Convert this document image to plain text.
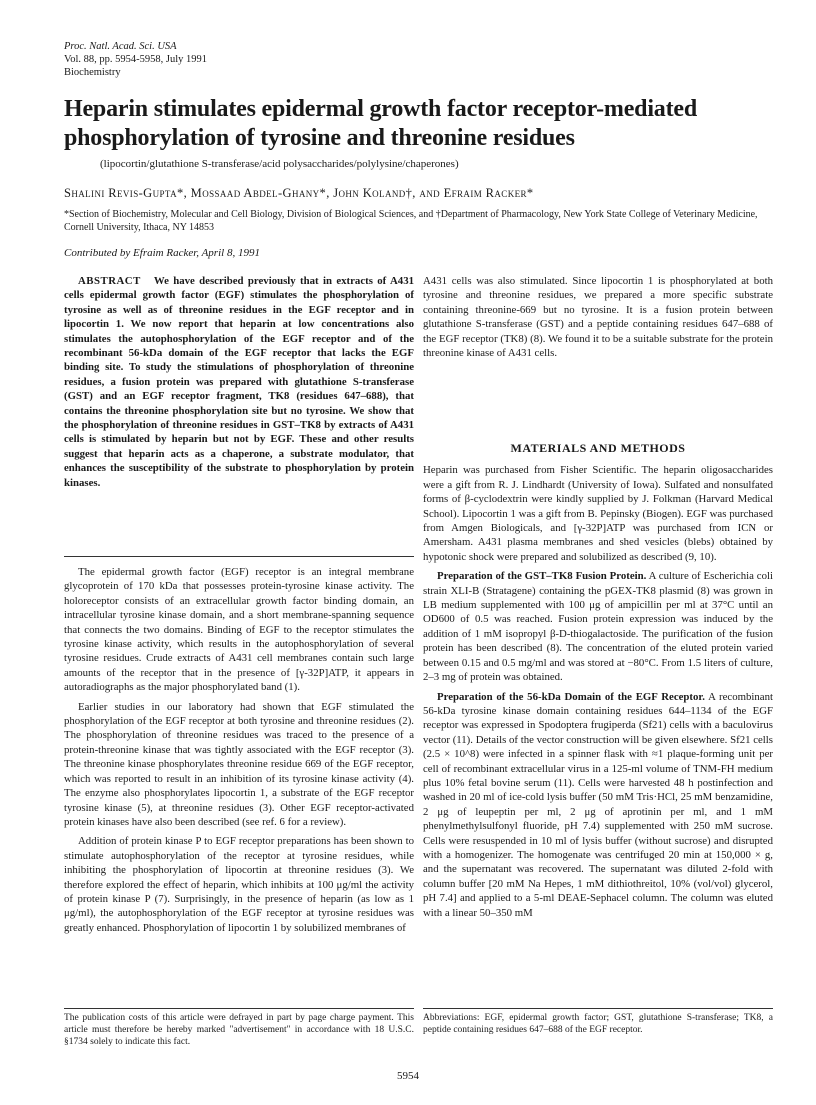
Proc. Natl. Acad. Sci. USA
Vol. 88, pp. 5954-5958, July 1991
Biochemistry
Heparin stimulates epidermal growth factor receptor-mediated phosphorylation of tyrosine and threonine residues
(lipocortin/glutathione S-transferase/acid polysaccharides/polylysine/chaperones)
Shalini Revis-Gupta*, Mossaad Abdel-Ghany*, John Koland†, and Efraim Racker*
*Section of Biochemistry, Molecular and Cell Biology, Division of Biological Sciences, and †Department of Pharmacology, New York State College of Veterinary Medicine, Cornell University, Ithaca, NY 14853
Contributed by Efraim Racker, April 8, 1991

ABSTRACT We have described previously that in extracts of A431 cells epidermal growth factor (EGF) stimulates the phosphorylation of tyrosine as well as of threonine residues in the EGF receptor and in lipocortin 1. We now report that heparin at low concentrations also stimulates the autophosphorylation of the EGF receptor and of the recombinant 56-kDa domain of the EGF receptor that lacks the EGF binding site. To study the stimulations of phosphorylation of threonine residues, a fusion protein was prepared with glutathione S-transferase (GST) and an EGF receptor fragment, TK8 (residues 647–688), that contains the threonine phosphorylation site but no tyrosine. We show that the phosphorylation of threonine residues in GST–TK8 by extracts of A431 cells is stimulated by heparin but not by EGF. These and other results suggest that heparin acts as a chaperone, a substrate modulator, that enhances the susceptibility of the substrate to phosphorylation by protein kinases.

The epidermal growth factor (EGF) receptor is an integral membrane glycoprotein of 170 kDa that possesses protein-tyrosine kinase activity. The holoreceptor consists of an extracellular growth factor binding domain, an intracellular tyrosine kinase domain, and a short membrane-spanning sequence that connects the two domains. Binding of EGF to the receptor stimulates the tyrosine kinase activity, which results in the autophosphorylation of several tyrosine residues. Crude extracts of A431 cell membranes contain such large amounts of the receptor that in the presence of [γ-32P]ATP, it appears in autoradiographs as the major phosphorylated band (1).

Earlier studies in our laboratory had shown that EGF stimulated the phosphorylation of the EGF receptor at both tyrosine and threonine residues (2). The phosphorylation of threonine residues was traced to the presence of a protein-threonine kinase that was tightly associated with the EGF receptor (3). The threonine kinase phosphorylates threonine residue 669 of the EGF receptor, which was reported to result in an inhibition of its tyrosine kinase activity (4). The enzyme also phosphorylates lipocortin 1, a substrate of the EGF receptor tyrosine kinase (5), at threonine residues (3). Other EGF receptor-activated protein kinases have also been described (see ref. 6 for a review).

Addition of protein kinase P to EGF receptor preparations has been shown to stimulate autophosphorylation of the receptor at tyrosine residues, while inhibiting the phosphorylation of lipocortin at threonine residues (3). We therefore explored the effect of heparin, which inhibits at 100 μg/ml the activity of protein kinase P (7). Surprisingly, in the presence of heparin (as low as 1 μg/ml), the autophosphorylation of the EGF receptor at tyrosine residues was greatly enhanced. Phosphorylation of lipocortin 1 by solubilized membranes of

A431 cells was also stimulated. Since lipocortin 1 is phosphorylated at both tyrosine and threonine residues, we prepared a more specific substrate containing threonine-669 but no tyrosine. It is a fusion protein between glutathione S-transferase (GST) and a peptide containing residues 647–688 of the EGF receptor (TK8) (8). We found it to be a suitable substrate for the protein threonine kinase of A431 cells.

MATERIALS AND METHODS

Heparin was purchased from Fisher Scientific. The heparin oligosaccharides were a gift from R. J. Lindhardt (University of Iowa). Sulfated and nonsulfated forms of β-cyclodextrin were kindly supplied by J. Folkman (Harvard Medical School). Lipocortin 1 was a gift from B. Pepinsky (Biogen). EGF was purchased from Amgen Biologicals, and [γ-32P]ATP was purchased from ICN or Amersham. A431 plasma membranes and shed vesicles (blebs) obtained by hypotonic shock were prepared and solubilized as described (9, 10).

Preparation of the GST–TK8 Fusion Protein. A culture of Escherichia coli strain XLI-B (Stratagene) containing the pGEX-TK8 plasmid (8) was grown in LB medium supplemented with 100 μg of ampicillin per ml at 37°C until an OD600 of 0.5 was reached. Fusion protein expression was induced by the addition of 1 mM isopropyl β-D-thiogalactoside. The purification of the fusion protein has been described (8). The concentration of the eluted protein varied between 0.15 and 0.5 mg/ml and was stored at −80°C. From 1.5 liters of culture, 2–3 mg of protein was obtained.

Preparation of the 56-kDa Domain of the EGF Receptor. A recombinant 56-kDa tyrosine kinase domain containing residues 644–1134 of the EGF receptor was expressed in Spodoptera frugiperda (Sf21) cells with a baculovirus vector (11). Details of the vector construction will be given elsewhere. Sf21 cells (2.5 × 10^8) were infected in a spinner flask with ≈1 plaque-forming unit per cell of recombinant extracellular virus in a 125-ml volume of TNM-FH medium plus 10% fetal bovine serum (11). Cells were harvested 48 h postinfection and washed in 20 ml of ice-cold lysis buffer (50 mM Tris·HCl, 25 mM benzamidine, 2 μg of leupeptin per ml, 2 μg of aprotinin per ml, and 1 mM phenylmethylsulfonyl fluoride, pH 7.4) supplemented with 250 mM sucrose. Cells were resuspended in 10 ml of lysis buffer (without sucrose) and disrupted with a homogenizer. The homogenate was centrifuged 20 min at 150,000 × g, and the supernatant was recovered. The supernatant was diluted 2-fold with column buffer [20 mM Na Hepes, 1 mM dithiothreitol, 10% (vol/vol) glycerol, pH 7.4] and applied to a 5-ml DEAE-Sephacel column. The column was eluted with a linear 50–350 mM

The publication costs of this article were defrayed in part by page charge payment. This article must therefore be hereby marked "advertisement" in accordance with 18 U.S.C. §1734 solely to indicate this fact.
Abbreviations: EGF, epidermal growth factor; GST, glutathione S-transferase; TK8, a peptide containing residues 647–688 of the EGF receptor.
5954
